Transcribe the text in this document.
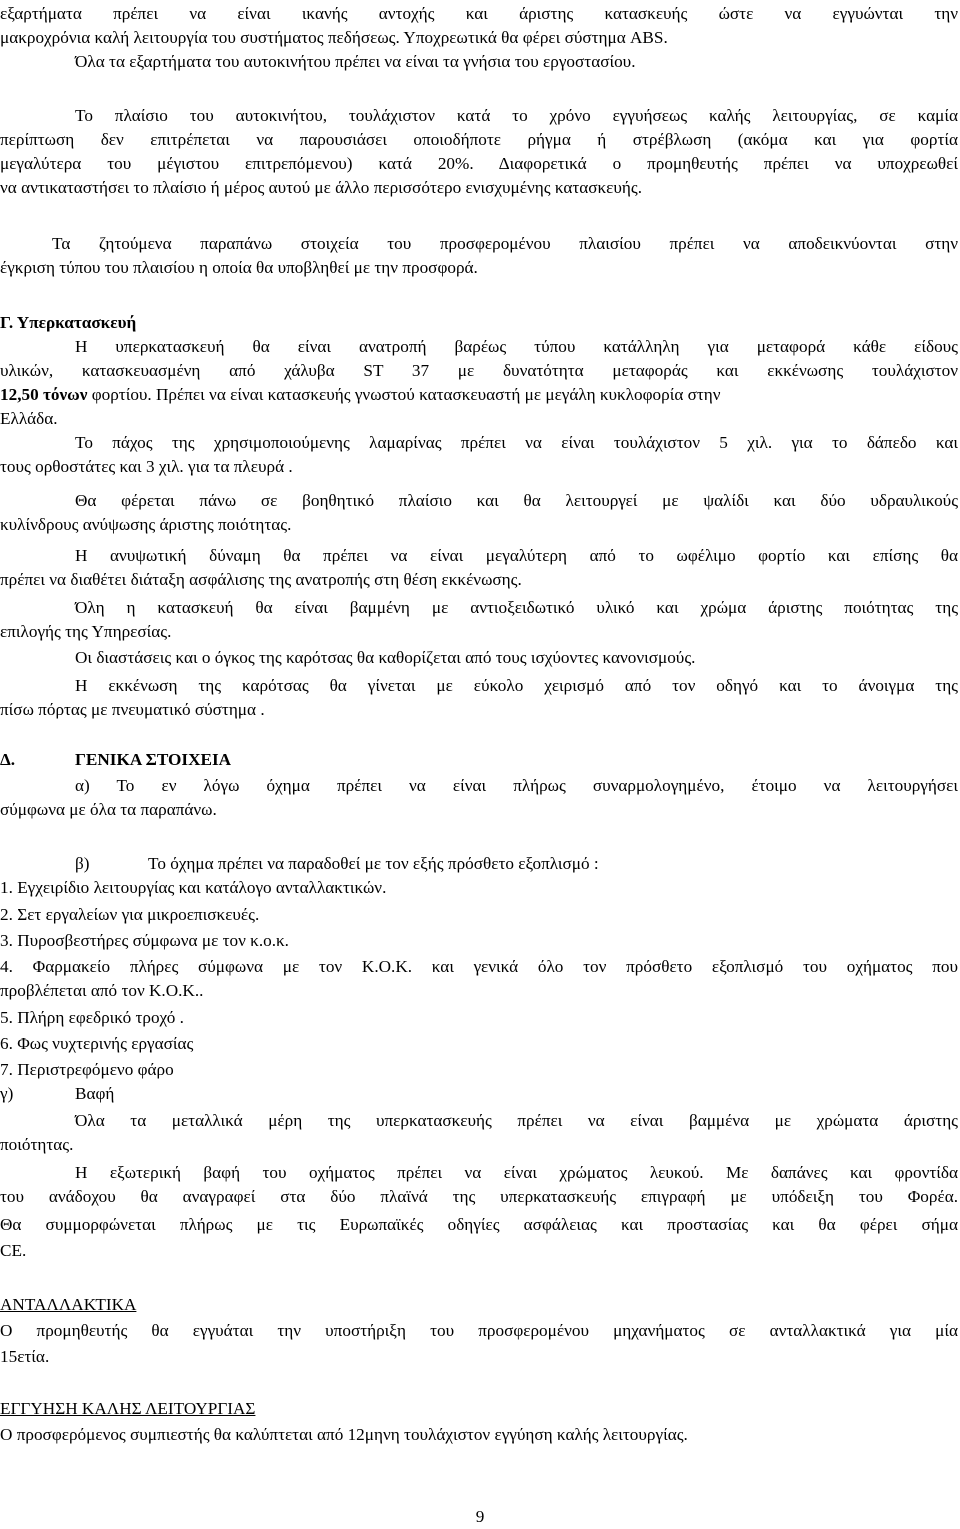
εξαρτήματα πρέπει να είναι ικανής αντοχής και άριστης κατασκευής ώστε να εγγυώνται την
μακροχρόνια καλή λειτουργία του συστήματος πεδήσεως. Υποχρεωτικά θα φέρει σύστημα ABS.
Όλα τα εξαρτήματα του αυτοκινήτου πρέπει να είναι τα γνήσια του εργοστασίου.
Το πλαίσιο του αυτοκινήτου, τουλάχιστον κατά το χρόνο εγγυήσεως καλής λειτουργίας, σε καμία
περίπτωση δεν επιτρέπεται να παρουσιάσει οποιοδήποτε ρήγμα ή στρέβλωση (ακόμα και για φορτία
μεγαλύτερα του μέγιστου επιτρεπόμενου) κατά 20%. Διαφορετικά ο προμηθευτής πρέπει να υποχρεωθεί
να αντικαταστήσει το πλαίσιο ή μέρος αυτού με άλλο περισσότερο ενισχυμένης κατασκευής.
Τα ζητούμενα παραπάνω στοιχεία του προσφερομένου πλαισίου πρέπει να αποδεικνύονται στην
έγκριση τύπου του πλαισίου η οποία θα υποβληθεί με την προσφορά.
Γ. Υπερκατασκευή
Η υπερκατασκευή θα είναι ανατροπή βαρέως τύπου κατάλληλη για μεταφορά κάθε είδους
υλικών, κατασκευασμένη από χάλυβα ST 37 με δυνατότητα μεταφοράς και εκκένωσης τουλάχιστον
12,50 τόνων φορτίου. Πρέπει να είναι κατασκευής γνωστού κατασκευαστή με μεγάλη κυκλοφορία στην
Ελλάδα.
Το πάχος της χρησιμοποιούμενης λαμαρίνας πρέπει να είναι τουλάχιστον 5 χιλ. για το δάπεδο και
τους ορθοστάτες και 3 χιλ. για τα πλευρά .
Θα φέρεται πάνω σε βοηθητικό πλαίσιο και θα λειτουργεί με ψαλίδι και δύο υδραυλικούς
κυλίνδρους ανύψωσης άριστης ποιότητας.
Η ανυψωτική δύναμη θα πρέπει να είναι μεγαλύτερη από το ωφέλιμο φορτίο και επίσης θα
πρέπει να διαθέτει διάταξη ασφάλισης της ανατροπής στη θέση εκκένωσης.
Όλη η κατασκευή θα είναι βαμμένη με αντιοξειδωτικό υλικό και χρώμα άριστης ποιότητας της
επιλογής της Υπηρεσίας.
Οι διαστάσεις και ο όγκος της καρότσας θα καθορίζεται από τους ισχύοντες κανονισμούς.
Η εκκένωση της καρότσας θα γίνεται με εύκολο χειρισμό από τον οδηγό και το άνοιγμα της
πίσω πόρτας με πνευματικό σύστημα .
Δ.	ΓΕΝΙΚΑ ΣΤΟΙΧΕΙΑ
α) Το εν λόγω όχημα πρέπει να είναι πλήρως συναρμολογημένο, έτοιμο να λειτουργήσει
σύμφωνα με όλα τα παραπάνω.
β)	Το όχημα πρέπει να παραδοθεί με τον εξής πρόσθετο εξοπλισμό :
1. Εγχειρίδιο λειτουργίας και κατάλογο ανταλλακτικών.
2. Σετ εργαλείων για μικροεπισκευές.
3. Πυροσβεστήρες σύμφωνα με τον κ.ο.κ.
4. Φαρμακείο πλήρες σύμφωνα με τον Κ.Ο.Κ. και γενικά όλο τον πρόσθετο εξοπλισμό του οχήματος που
προβλέπεται από τον Κ.Ο.Κ..
5. Πλήρη εφεδρικό τροχό .
6. Φως νυχτερινής εργασίας
7. Περιστρεφόμενο φάρο
γ)	Βαφή
Όλα τα μεταλλικά μέρη της υπερκατασκευής πρέπει να είναι βαμμένα με χρώματα άριστης
ποιότητας.
Η εξωτερική βαφή του οχήματος πρέπει να είναι χρώματος λευκού. Με δαπάνες και φροντίδα
του ανάδοχου θα αναγραφεί στα δύο πλαϊνά της υπερκατασκευής επιγραφή με υπόδειξη του Φορέα.
Θα συμμορφώνεται πλήρως με τις Ευρωπαϊκές οδηγίες ασφάλειας και προστασίας και θα φέρει σήμα
CE.
ΑΝΤΑΛΛΑΚΤΙΚΑ
Ο προμηθευτής θα εγγυάται την υποστήριξη του προσφερομένου μηχανήματος σε ανταλλακτικά για μία
15ετία.
ΕΓΓΥΗΣΗ ΚΑΛΗΣ ΛΕΙΤΟΥΡΓΙΑΣ
Ο προσφερόμενος συμπιεστής θα καλύπτεται από 12μηνη τουλάχιστον εγγύηση καλής λειτουργίας.
9
